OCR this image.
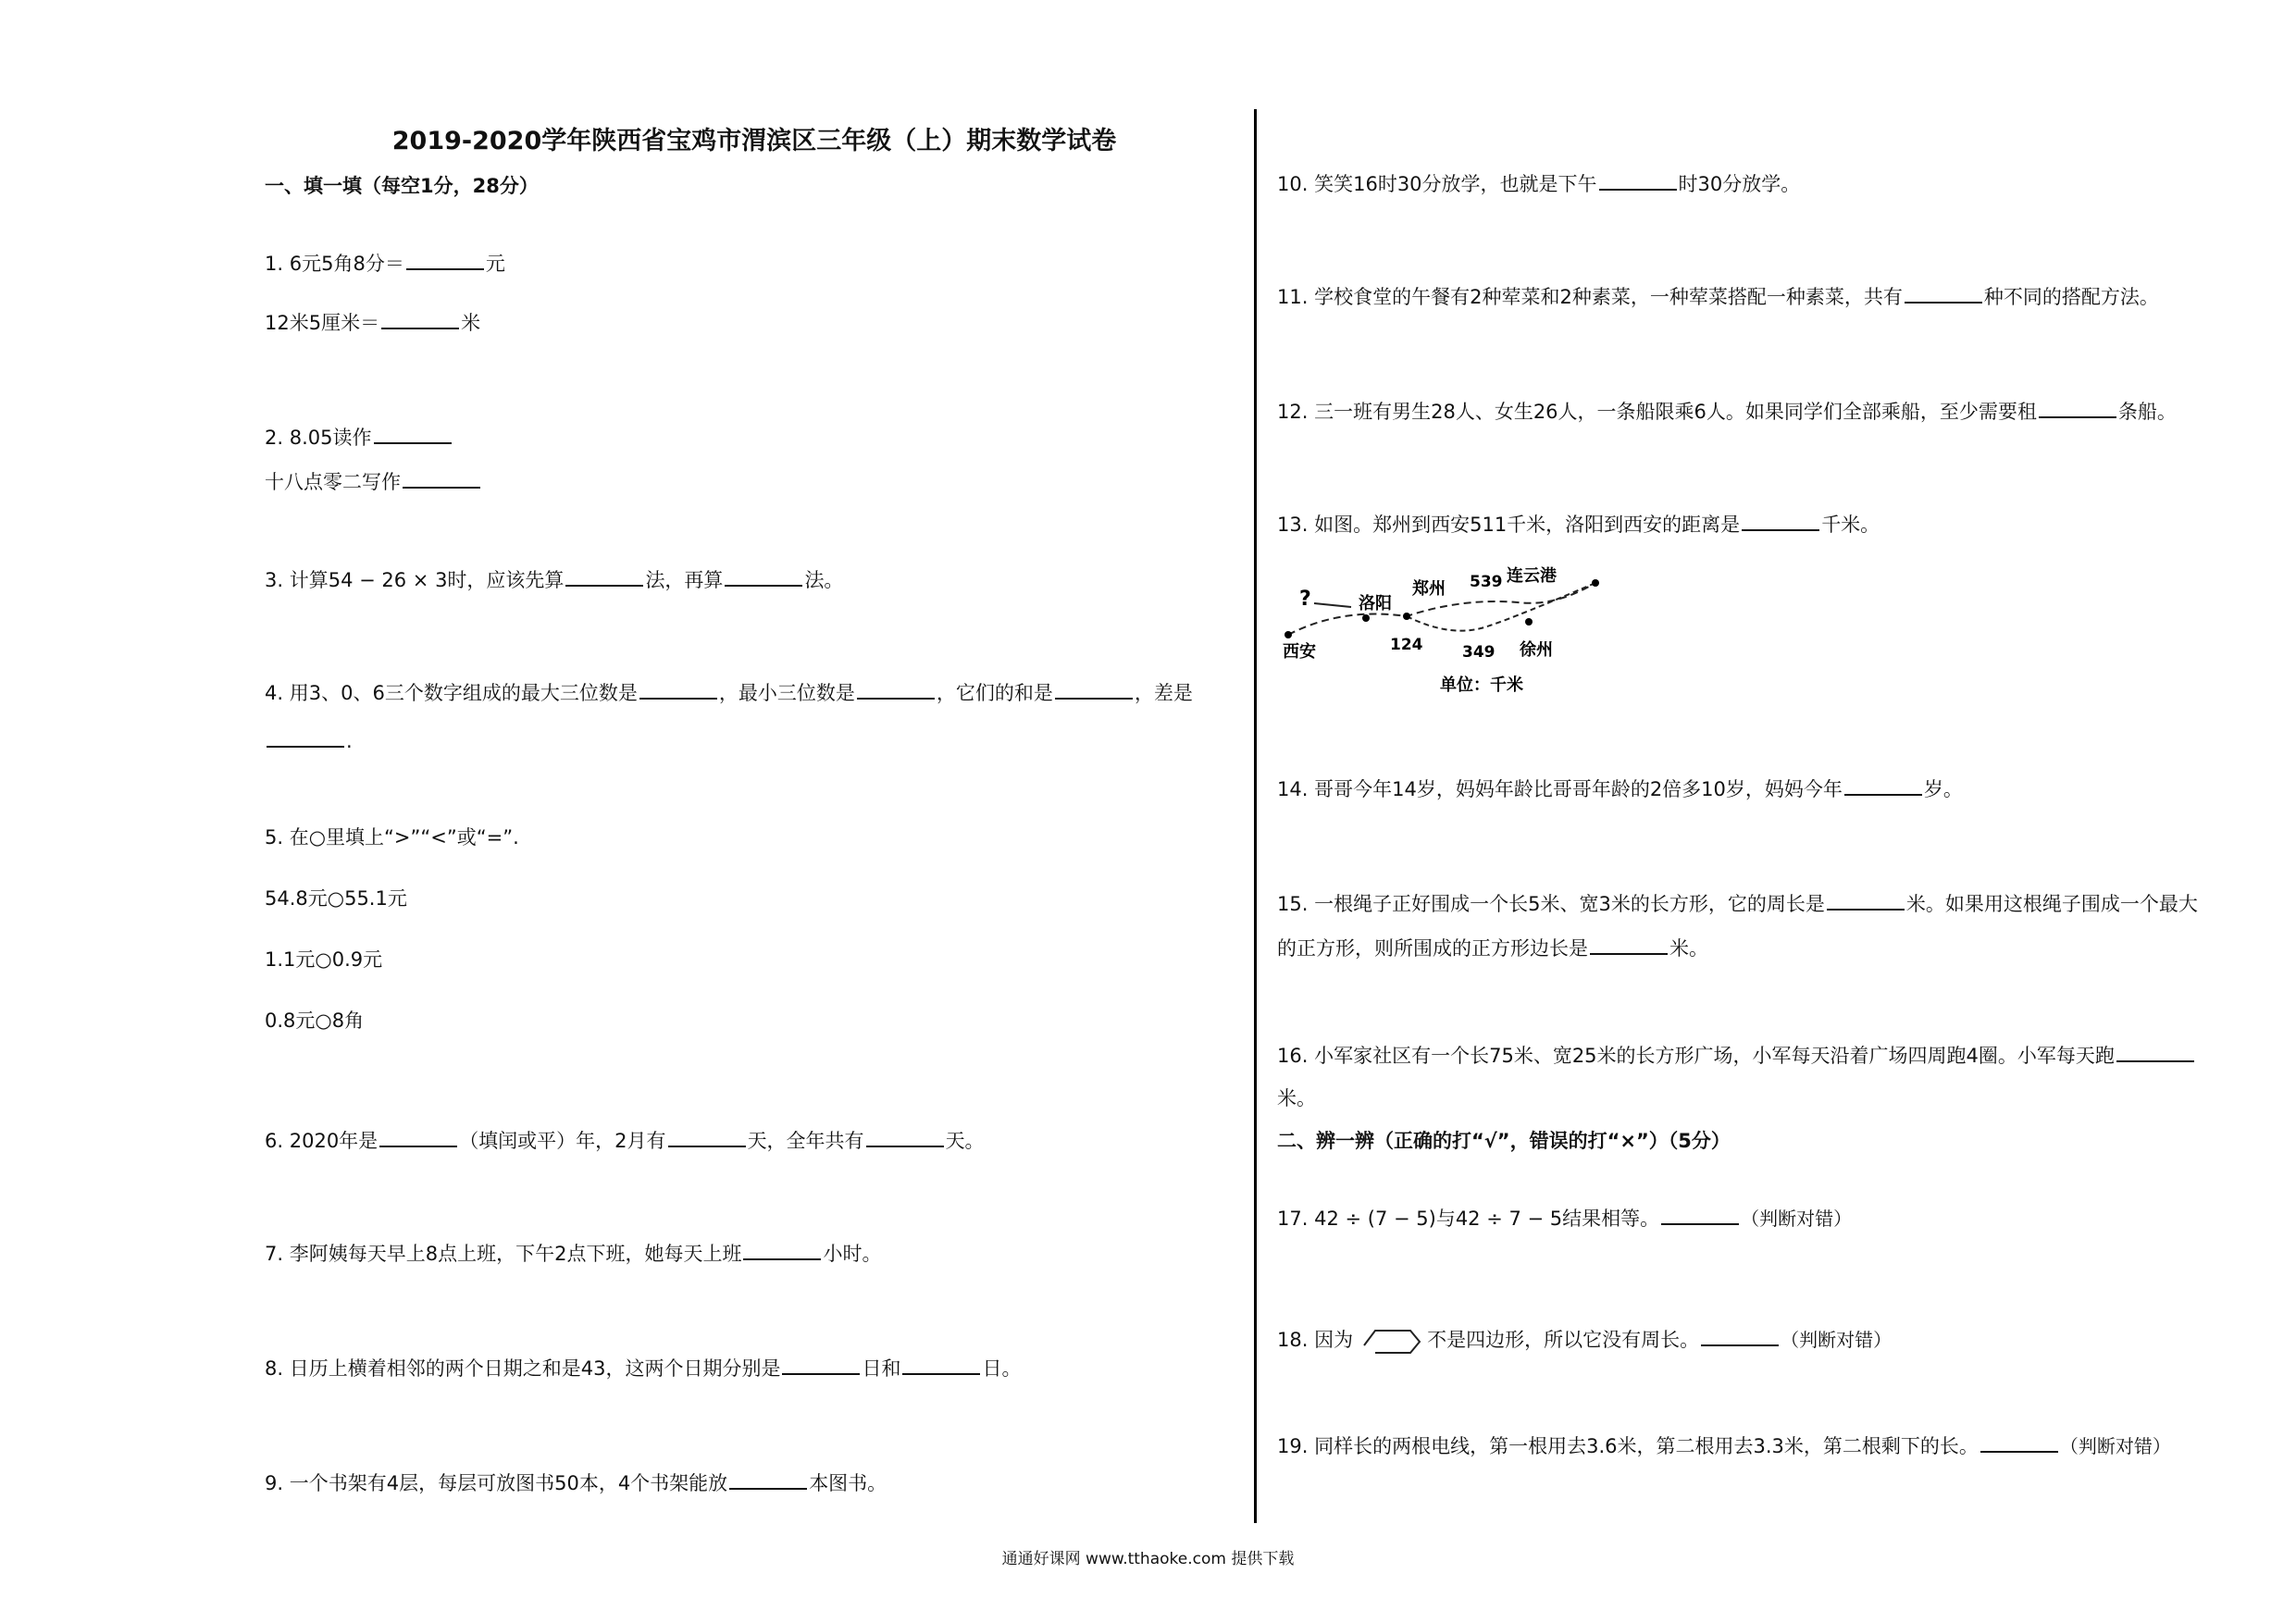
2019-2020学年陕西省宝鸡市渭滨区三年级（上）期末数学试卷
一、填一填（每空1分，28分）
1. 6元5角8分＝	元
12米5厘米＝	米
2. 8.05读作
十八点零二写作
3. 计算54 − 26 × 3时，应该先算	法，再算	法。
4. 用3、0、6三个数字组成的最大三位数是	，最小三位数是	，它们的和是	，差是
.
5. 在○里填上“>”“<”或“=”.
54.8元○55.1元
1.1元○0.9元
0.8元○8角
6. 2020年是	（填闰或平）年，2月有	天，全年共有	天。
7. 李阿姨每天早上8点上班，下午2点下班，她每天上班	小时。
8. 日历上横着相邻的两个日期之和是43，这两个日期分别是	日和	日。
9. 一个书架有4层，每层可放图书50本，4个书架能放	本图书。
10. 笑笑16时30分放学，也就是下午	时30分放学。
11. 学校食堂的午餐有2种荤菜和2种素菜，一种荤菜搭配一种素菜，共有	种不同的搭配方法。
12. 三一班有男生28人、女生26人，一条船限乘6人。如果同学们全部乘船，至少需要租	条船。
13. 如图。郑州到西安511千米，洛阳到西安的距离是	千米。
?	洛阳
郑州
连云港
539
西安	124	349 徐州
单位：千米
14. 哥哥今年14岁，妈妈年龄比哥哥年龄的2倍多10岁，妈妈今年	岁。
15. 一根绳子正好围成一个长5米、宽3米的长方形，它的周长是	米。如果用这根绳子围成一个最大
的正方形，则所围成的正方形边长是	米。
16. 小军家社区有一个长75米、宽25米的长方形广场，小军每天沿着广场四周跑4圈。小军每天跑
米。
二、辨一辨（正确的打“√”，错误的打“×”）（5分）
17. 42 ÷ (7 − 5)与42 ÷ 7 − 5结果相等。	（判断对错）
18. 因为	不是四边形，所以它没有周长。	（判断对错）
19. 同样长的两根电线，第一根用去3.6米，第二根用去3.3米，第二根剩下的长。	（判断对错）
通通好课网 www.tthaoke.com 提供下载
